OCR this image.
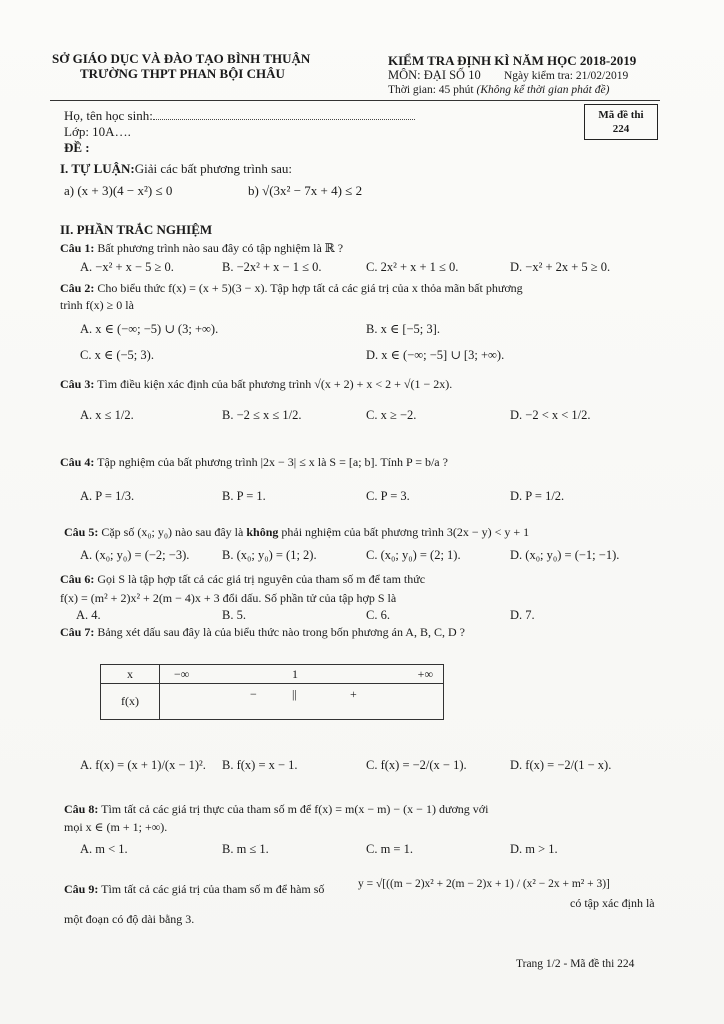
SỞ GIÁO DỤC VÀ ĐÀO TẠO BÌNH THUẬN
TRƯỜNG THPT PHAN BỘI CHÂU
KIỂM TRA ĐỊNH KÌ NĂM HỌC 2018-2019
MÔN: ĐẠI SỐ 10 Ngày kiểm tra: 21/02/2019
Thời gian: 45 phút (Không kể thời gian phát đề)
Mã đề thi
224
Họ, tên học sinh:
Lớp: 10A….
ĐỀ :
I. TỰ LUẬN:Giải các bất phương trình sau:
a) (x + 3)(4 − x²) ≤ 0	b) √(3x² − 7x + 4) ≤ 2
II. PHẦN TRẮC NGHIỆM
Câu 1: Bất phương trình nào sau đây có tập nghiệm là ℝ ?
A. −x² + x − 5 ≥ 0.	B. −2x² + x − 1 ≤ 0.	C. 2x² + x + 1 ≤ 0.	D. −x² + 2x + 5 ≥ 0.
Câu 2: Cho biểu thức f(x) = (x + 5)(3 − x). Tập hợp tất cả các giá trị của x thỏa mãn bất phương
trình f(x) ≥ 0 là
A. x ∈ (−∞; −5) ∪ (3; +∞).	B. x ∈ [−5; 3].
C. x ∈ (−5; 3).	D. x ∈ (−∞; −5] ∪ [3; +∞).
Câu 3: Tìm điều kiện xác định của bất phương trình √(x + 2) + x < 2 + √(1 − 2x).
A. x ≤ 1/2.	B. −2 ≤ x ≤ 1/2.	C. x ≥ −2.	D. −2 < x < 1/2.
Câu 4: Tập nghiệm của bất phương trình |2x − 3| ≤ x là S = [a; b]. Tính P = b/a ?
A. P = 1/3.	B. P = 1.	C. P = 3.	D. P = 1/2.
Câu 5: Cặp số (x₀; y₀) nào sau đây là không phải nghiệm của bất phương trình 3(2x − y) < y + 1
A. (x₀; y₀) = (−2; −3).	B. (x₀; y₀) = (1; 2).	C. (x₀; y₀) = (2; 1).	D. (x₀; y₀) = (−1; −1).
Câu 6: Gọi S là tập hợp tất cả các giá trị nguyên của tham số m để tam thức
f(x) = (m² + 2)x² + 2(m − 4)x + 3 đổi dấu. Số phần tử của tập hợp S là
A. 4.	B. 5.	C. 6.	D. 7.
Câu 7: Bảng xét dấu sau đây là của biểu thức nào trong bốn phương án A, B, C, D ?
x	−∞ 1 +∞

f(x)	− || +
A. f(x) = (x + 1)/(x − 1)². B. f(x) = x − 1.	C. f(x) = −2/(x − 1).	D. f(x) = −2/(1 − x).
Câu 8: Tìm tất cả các giá trị thực của tham số m để f(x) = m(x − m) − (x − 1) dương với
mọi x ∈ (m + 1; +∞).
A. m < 1.	B. m ≤ 1.	C. m = 1.	D. m > 1.
Câu 9: Tìm tất cả các giá trị của tham số m để hàm số	y = √[((m − 2)x² + 2(m − 2)x + 1) / (x² − 2x + m² + 3)]
có tập xác định là
một đoạn có độ dài bằng 3.
Trang 1/2 - Mã đề thi 224
